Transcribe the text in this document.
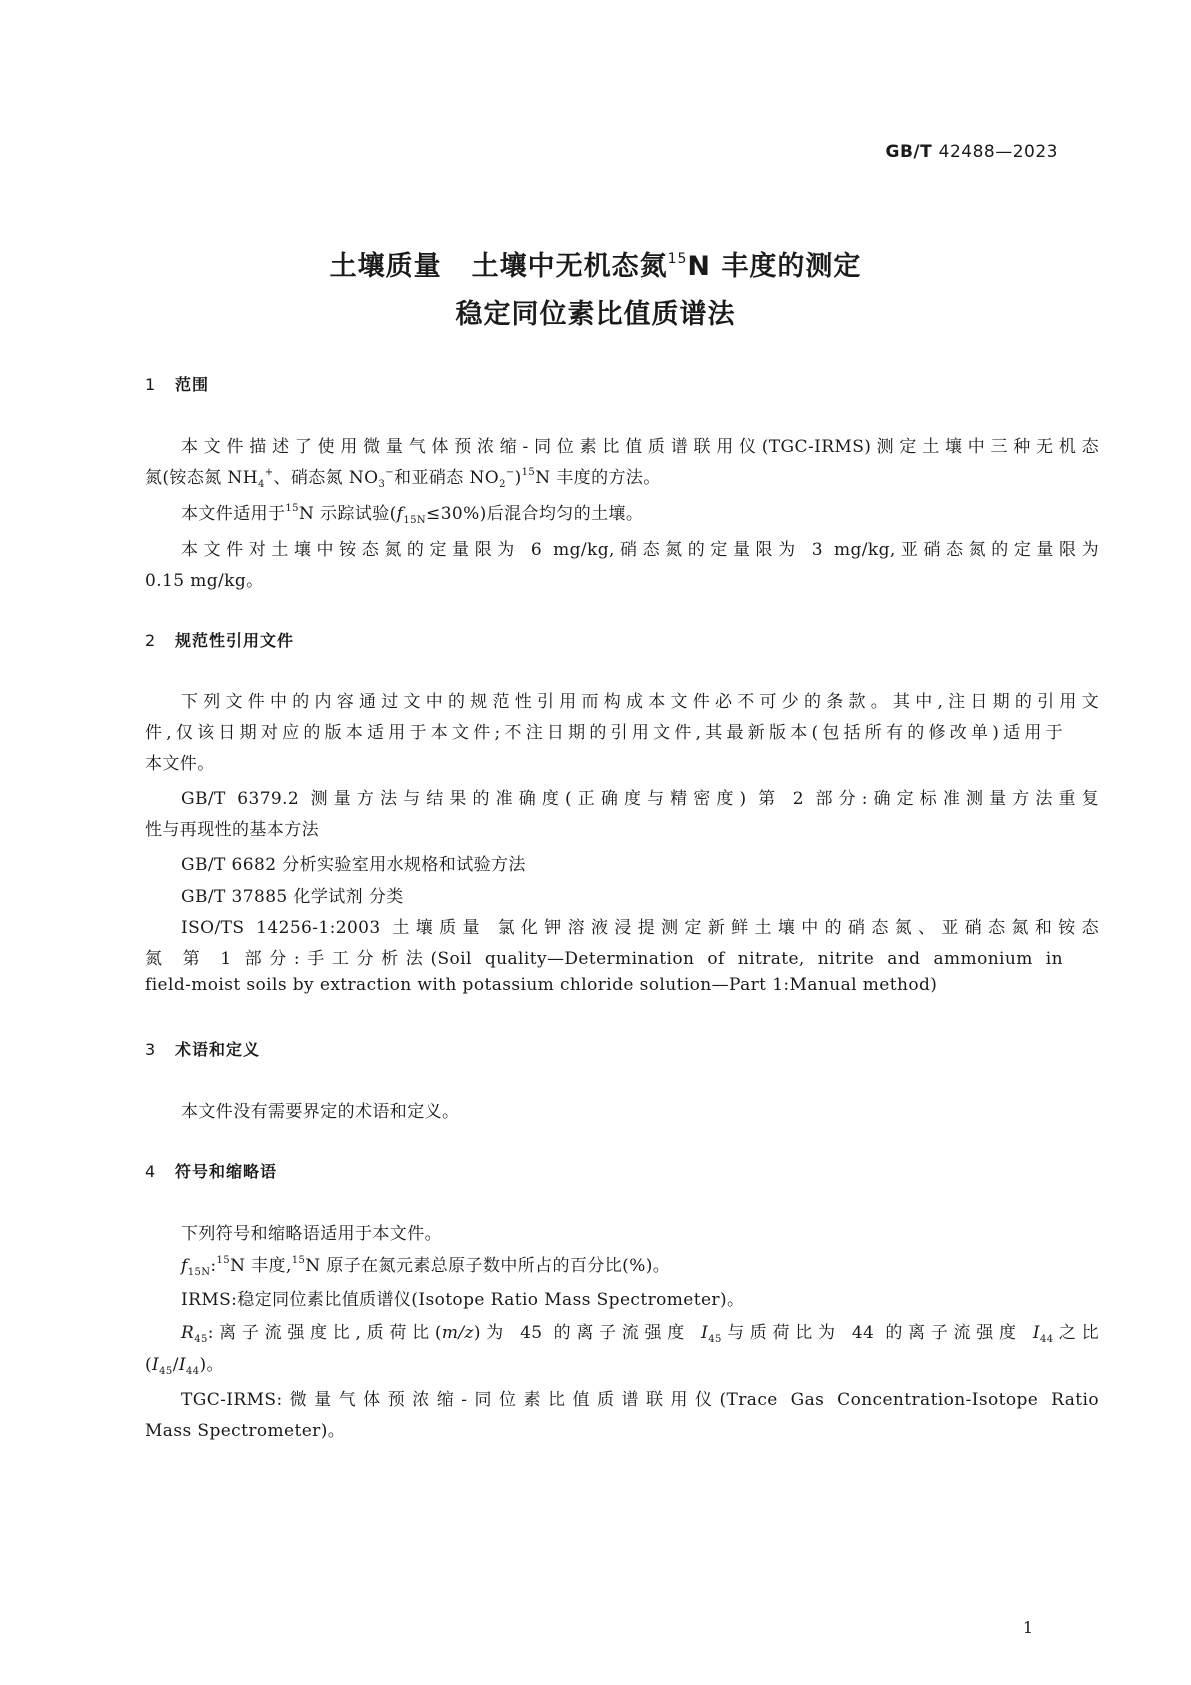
GB/T 42488—2023
土壤质量 土壤中无机态氮$^{15}$N 丰度的测定
稳定同位素比值质谱法
1 范围
本文件描述了使用微量气体预浓缩-同位素比值质谱联用仪(TGC-IRMS)测定土壤中三种无机态
氮(铵态氮 $NH_4^+$、硝态氮 $NO_3^-$和亚硝态 $NO_2^-)^{15}N$ 丰度的方法。
本文件适用于$^{15}$N 示踪试验$(f_{15N}\le 30\%)$后混合均匀的土壤。
本文件对土壤中铵态氮的定量限为 6 mg/kg,硝态氮的定量限为 3 mg/kg,亚硝态氮的定量限为
0.15 mg/kg。
2 规范性引用文件
下列文件中的内容通过文中的规范性引用而构成本文件必不可少的条款。其中,注日期的引用文
件,仅该日期对应的版本适用于本文件;不注日期的引用文件,其最新版本(包括所有的修改单)适用于
本文件。
GB/T 6379.2 测量方法与结果的准确度(正确度与精密度) 第 2 部分:确定标准测量方法重复
性与再现性的基本方法
GB/T 6682 分析实验室用水规格和试验方法
GB/T 37885 化学试剂 分类
ISO/TS 14256-1:2003 土壤质量 氯化钾溶液浸提测定新鲜土壤中的硝态氮、亚硝态氮和铵态
氮 第 1 部分:手工分析法(Soil quality—Determination of nitrate, nitrite and ammonium in
field-moist soils by extraction with potassium chloride solution—Part 1:Manual method)
3 术语和定义
本文件没有需要界定的术语和定义。
4 符号和缩略语
下列符号和缩略语适用于本文件。
$f_{15N}:^{15}N$ 丰度,$^{15}$N 原子在氮元素总原子数中所占的百分比(%)。
IRMS:稳定同位素比值质谱仪(Isotope Ratio Mass Spectrometer)。
$R_{45}$:离子流强度比,质荷比(m/z)为 45 的离子流强度 $I_{45}$与质荷比为 44 的离子流强度 $I_{44}$之比
$(I_{45}/I_{44})$。
TGC-IRMS:微量气体预浓缩-同位素比值质谱联用仪(Trace Gas Concentration-Isotope Ratio
Mass Spectrometer)。
1
